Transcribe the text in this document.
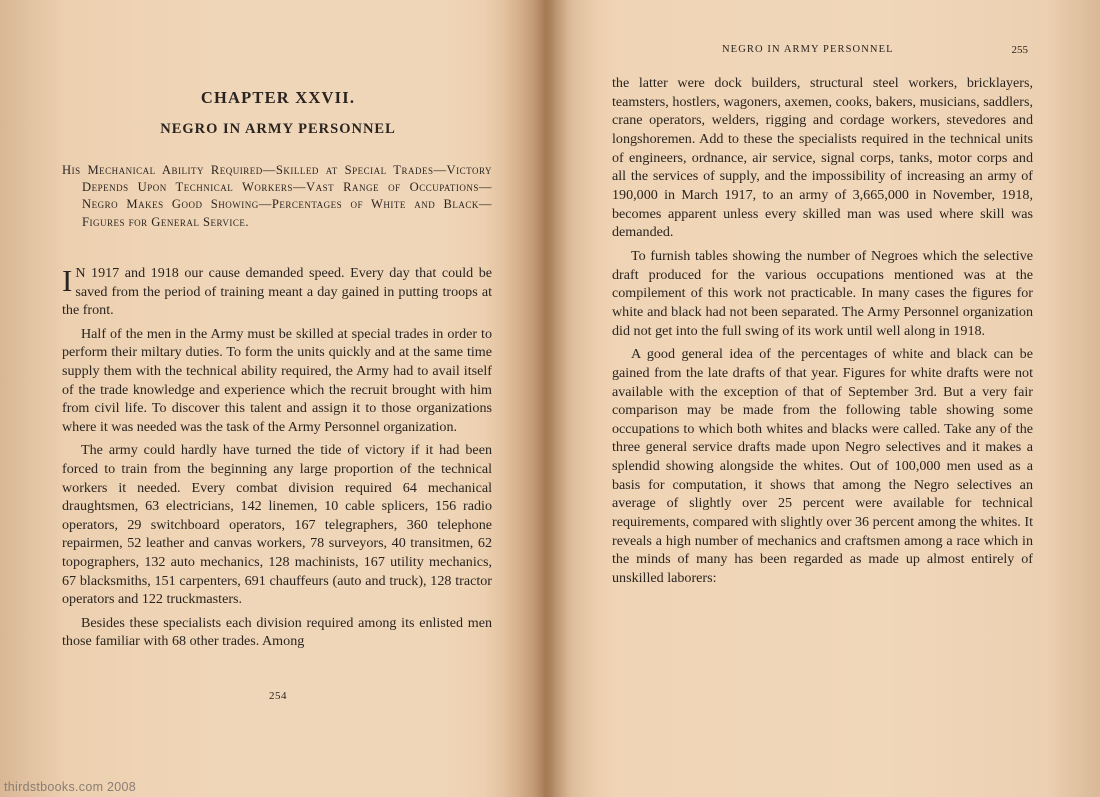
CHAPTER XXVII.
NEGRO IN ARMY PERSONNEL

His Mechanical Ability Required—Skilled at Special Trades—Victory Depends Upon Technical Workers—Vast Range of Occupations—Negro Makes Good Showing—Percentages of White and Black—Figures for General Service.

I N 1917 and 1918 our cause demanded speed. Every day that could be saved from the period of training meant a day gained in putting troops at the front.

Half of the men in the Army must be skilled at special trades in order to perform their miltary duties. To form the units quickly and at the same time supply them with the technical ability required, the Army had to avail itself of the trade knowledge and experience which the recruit brought with him from civil life. To discover this talent and assign it to those organizations where it was needed was the task of the Army Personnel organization.

The army could hardly have turned the tide of victory if it had been forced to train from the beginning any large proportion of the technical workers it needed. Every combat division required 64 mechanical draughtsmen, 63 electricians, 142 linemen, 10 cable splicers, 156 radio operators, 29 switchboard operators, 167 telegraphers, 360 telephone repairmen, 52 leather and canvas workers, 78 surveyors, 40 transitmen, 62 topographers, 132 auto mechanics, 128 machinists, 167 utility mechanics, 67 blacksmiths, 151 carpenters, 691 chauffeurs (auto and truck), 128 tractor operators and 122 truckmasters.

Besides these specialists each division required among its enlisted men those familiar with 68 other trades. Among

254
NEGRO IN ARMY PERSONNEL	255

the latter were dock builders, structural steel workers, bricklayers, teamsters, hostlers, wagoners, axemen, cooks, bakers, musicians, saddlers, crane operators, welders, rigging and cordage workers, stevedores and longshoremen. Add to these the specialists required in the technical units of engineers, ordnance, air service, signal corps, tanks, motor corps and all the services of supply, and the impossibility of increasing an army of 190,000 in March 1917, to an army of 3,665,000 in November, 1918, becomes apparent unless every skilled man was used where skill was demanded.

To furnish tables showing the number of Negroes which the selective draft produced for the various occupations mentioned was at the compilement of this work not practicable. In many cases the figures for white and black had not been separated. The Army Personnel organization did not get into the full swing of its work until well along in 1918.

A good general idea of the percentages of white and black can be gained from the late drafts of that year. Figures for white drafts were not available with the exception of that of September 3rd. But a very fair comparison may be made from the following table showing some occupations to which both whites and blacks were called. Take any of the three general service drafts made upon Negro selectives and it makes a splendid showing alongside the whites. Out of 100,000 men used as a basis for computation, it shows that among the Negro selectives an average of slightly over 25 percent were available for technical requirements, compared with slightly over 36 percent among the whites. It reveals a high number of mechanics and craftsmen among a race which in the minds of many has been regarded as made up almost entirely of unskilled laborers:

thirdstbooks.com 2008
